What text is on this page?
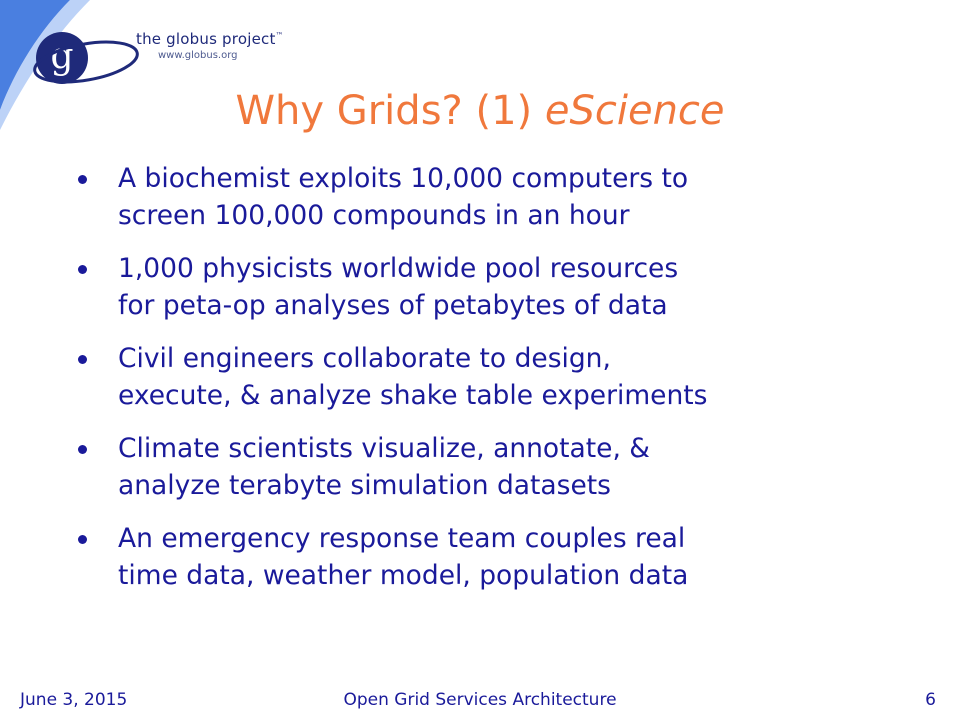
g	the globus project™
www.globus.org
Why Grids? (1) eScience
A biochemist exploits 10,000 computers to
screen 100,000 compounds in an hour
1,000 physicists worldwide pool resources
for peta-op analyses of petabytes of data
Civil engineers collaborate to design,
execute, & analyze shake table experiments
Climate scientists visualize, annotate, &
analyze terabyte simulation datasets
An emergency response team couples real
time data, weather model, population data
June 3, 2015	Open Grid Services Architecture	6
